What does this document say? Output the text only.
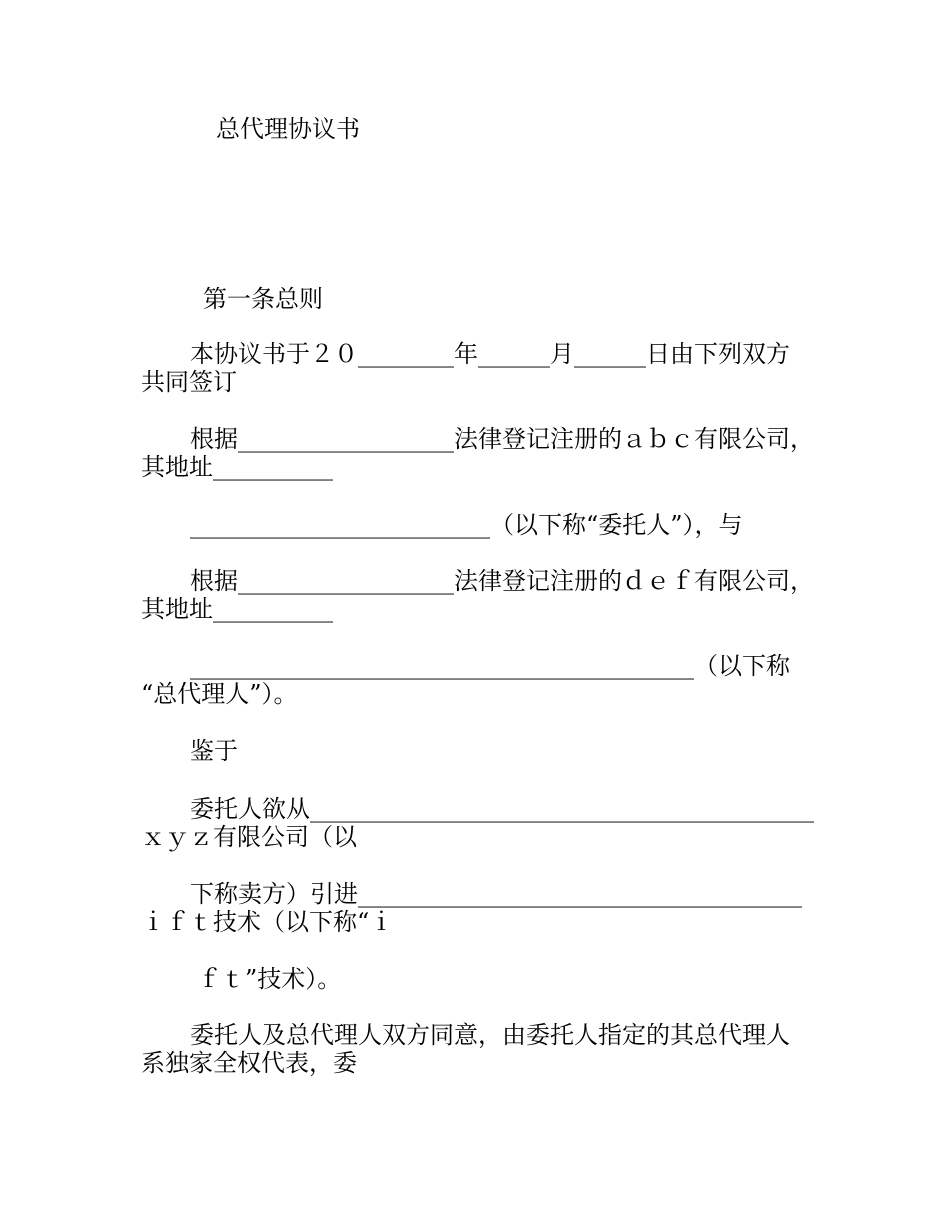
总代理协议书
第一条总则
本协议书于２０________年______月______日由下列双方
共同签订
根据__________________法律登记注册的ａｂｃ有限公司，
其地址__________
_________________________（以下称“委托人”），与
根据__________________法律登记注册的ｄｅｆ有限公司，
其地址__________
__________________________________________（以下称
“总代理人”）。
鉴于
委托人欲从__________________________________________
ｘｙｚ有限公司（以
下称卖方）引进_____________________________________
ｉｆｔ技术（以下称“ｉ
ｆｔ”技术）。
委托人及总代理人双方同意，由委托人指定的其总代理人
系独家全权代表，委
